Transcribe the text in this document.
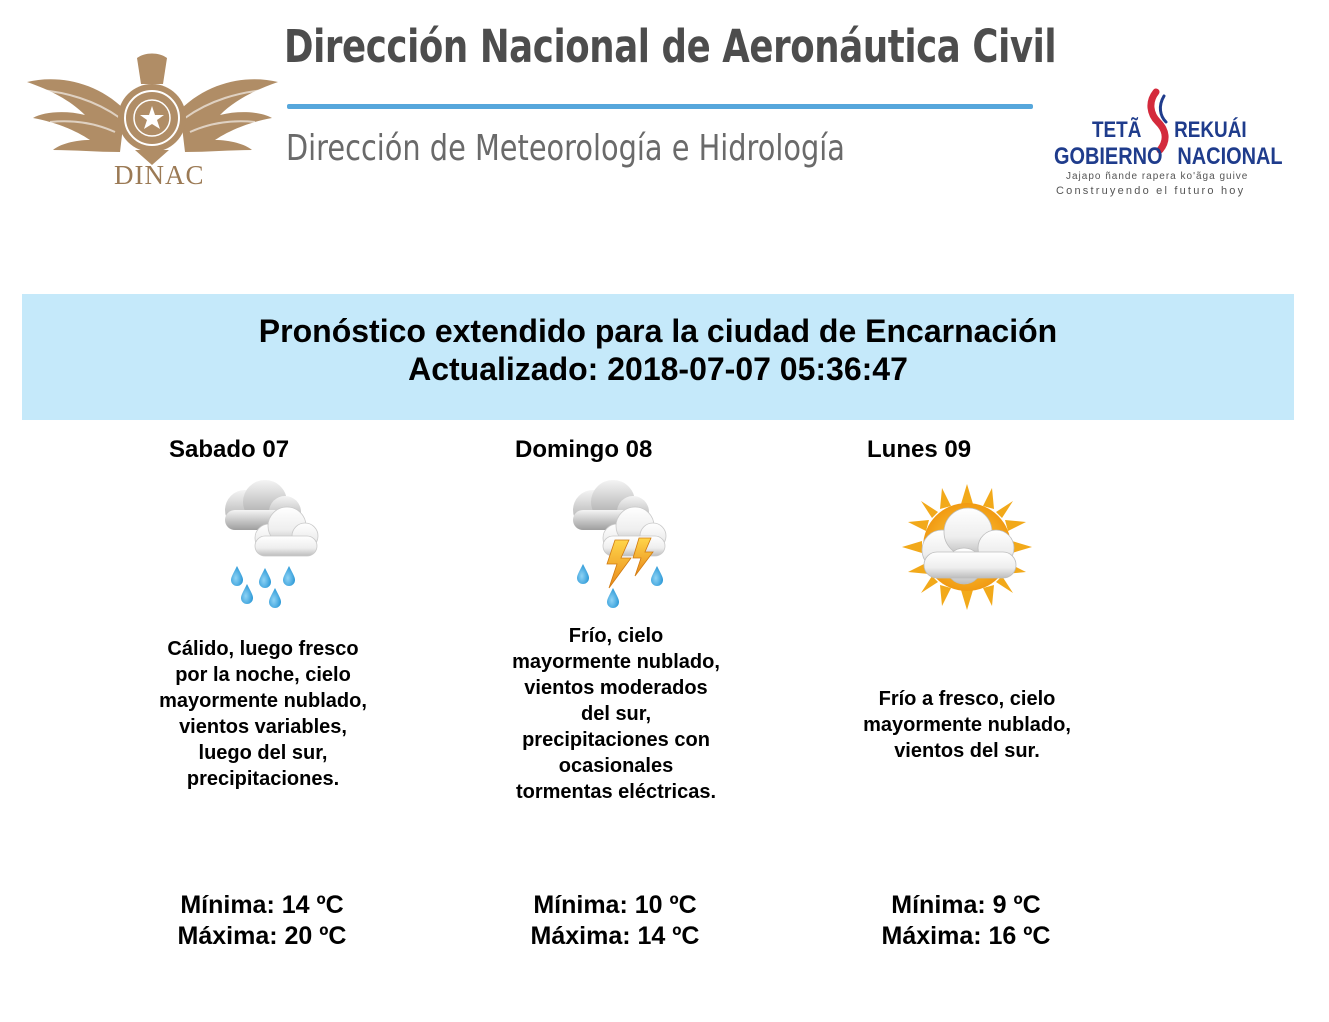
DINAC
Dirección Nacional de Aeronáutica Civil
Dirección de Meteorología e Hidrología	TETÃ REKUÁI
GOBIERNO NACIONAL
Jajapo ñande rapera ko'ãga guive
Construyendo el futuro hoy
Pronóstico extendido para la ciudad de Encarnación
Actualizado: 2018-07-07 05:36:47
Sabado 07
Cálido, luego fresco por la noche, cielo mayormente nublado, vientos variables, luego del sur, precipitaciones.
Mínima: 14 ºC
Máxima: 20 ºC
Domingo 08
Frío, cielo mayormente nublado, vientos moderados del sur, precipitaciones con ocasionales tormentas eléctricas.
Mínima: 10 ºC
Máxima: 14 ºC
Lunes 09
Frío a fresco, cielo mayormente nublado, vientos del sur.
Mínima: 9 ºC
Máxima: 16 ºC
